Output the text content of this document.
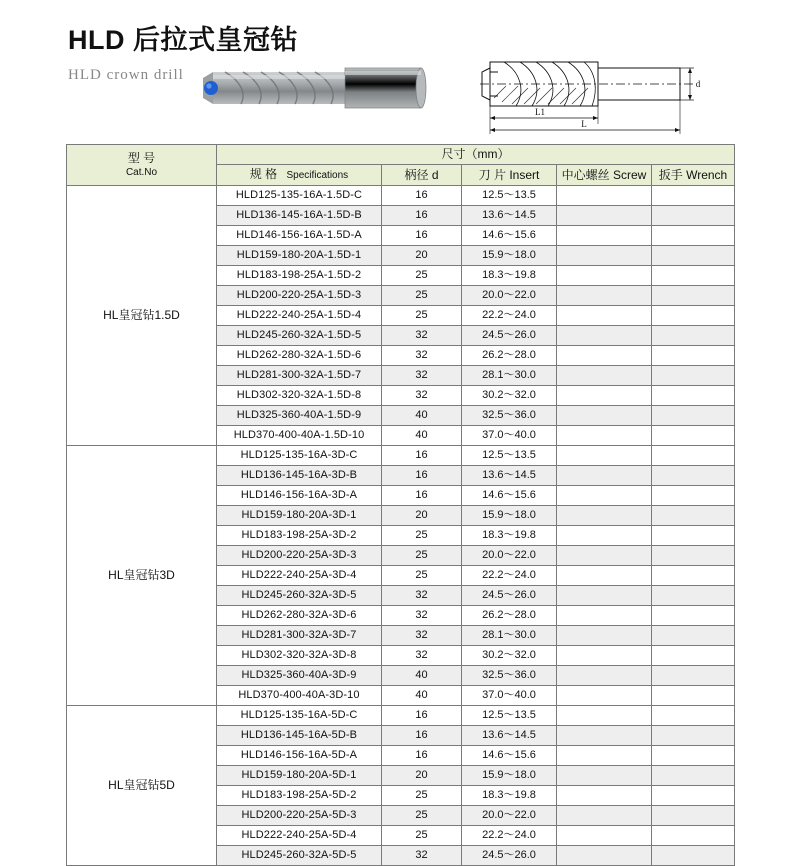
HLD 后拉式皇冠钻
HLD crown drill
L1
L
d
型 号
Cat.No	尺寸（mm）				
	规 格 Specifications	柄径 d	刀 片 Insert	中心螺丝 Screw	扳手 Wrench
HL皇冠钻1.5D	HLD125-135-16A-1.5D-C	16	12.5～13.5		
	HLD136-145-16A-1.5D-B	16	13.6～14.5		
	HLD146-156-16A-1.5D-A	16	14.6～15.6		
	HLD159-180-20A-1.5D-1	20	15.9～18.0		
	HLD183-198-25A-1.5D-2	25	18.3～19.8		
	HLD200-220-25A-1.5D-3	25	20.0～22.0		
	HLD222-240-25A-1.5D-4	25	22.2～24.0		
	HLD245-260-32A-1.5D-5	32	24.5～26.0		
	HLD262-280-32A-1.5D-6	32	26.2～28.0		
	HLD281-300-32A-1.5D-7	32	28.1～30.0		
	HLD302-320-32A-1.5D-8	32	30.2～32.0		
	HLD325-360-40A-1.5D-9	40	32.5～36.0		
	HLD370-400-40A-1.5D-10	40	37.0～40.0		
HL皇冠钻3D	HLD125-135-16A-3D-C	16	12.5～13.5		
	HLD136-145-16A-3D-B	16	13.6～14.5		
	HLD146-156-16A-3D-A	16	14.6～15.6		
	HLD159-180-20A-3D-1	20	15.9～18.0		
	HLD183-198-25A-3D-2	25	18.3～19.8		
	HLD200-220-25A-3D-3	25	20.0～22.0		
	HLD222-240-25A-3D-4	25	22.2～24.0		
	HLD245-260-32A-3D-5	32	24.5～26.0		
	HLD262-280-32A-3D-6	32	26.2～28.0		
	HLD281-300-32A-3D-7	32	28.1～30.0		
	HLD302-320-32A-3D-8	32	30.2～32.0		
	HLD325-360-40A-3D-9	40	32.5～36.0		
	HLD370-400-40A-3D-10	40	37.0～40.0		
HL皇冠钻5D	HLD125-135-16A-5D-C	16	12.5～13.5		
	HLD136-145-16A-5D-B	16	13.6～14.5		
	HLD146-156-16A-5D-A	16	14.6～15.6		
	HLD159-180-20A-5D-1	20	15.9～18.0		
	HLD183-198-25A-5D-2	25	18.3～19.8		
	HLD200-220-25A-5D-3	25	20.0～22.0		
	HLD222-240-25A-5D-4	25	22.2～24.0		
	HLD245-260-32A-5D-5	32	24.5～26.0		
